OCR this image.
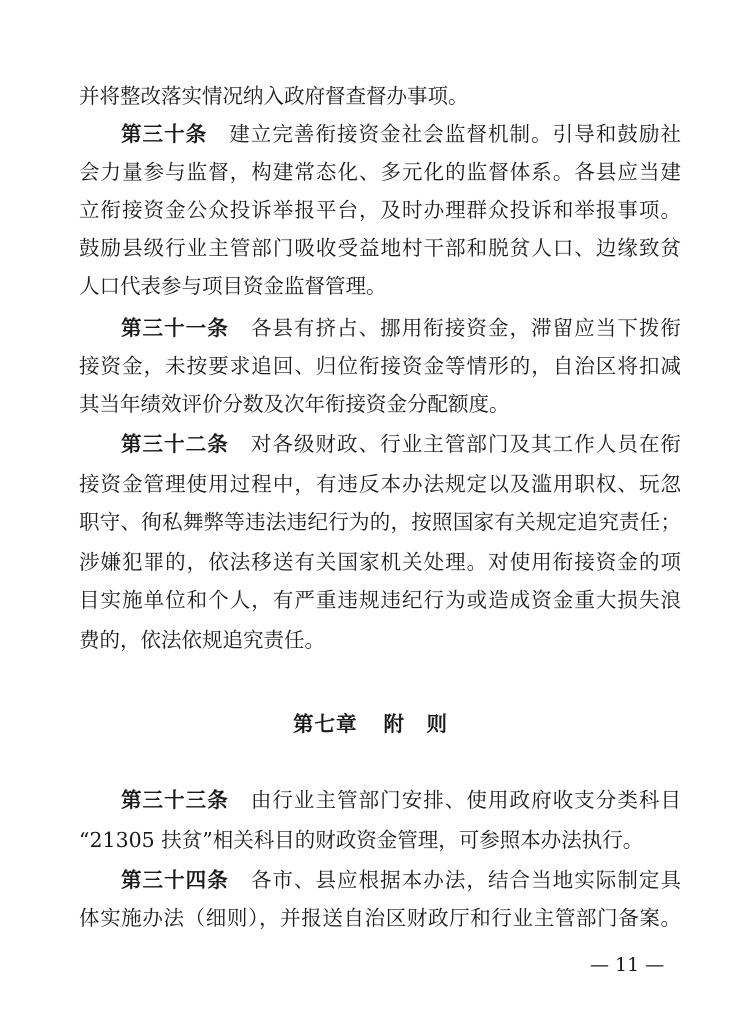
并将整改落实情况纳入政府督查督办事项。
第三十条 建立完善衔接资金社会监督机制。引导和鼓励社
会力量参与监督，构建常态化、多元化的监督体系。各县应当建
立衔接资金公众投诉举报平台，及时办理群众投诉和举报事项。
鼓励县级行业主管部门吸收受益地村干部和脱贫人口、边缘致贫
人口代表参与项目资金监督管理。
第三十一条 各县有挤占、挪用衔接资金，滞留应当下拨衔
接资金，未按要求追回、归位衔接资金等情形的，自治区将扣减
其当年绩效评价分数及次年衔接资金分配额度。
第三十二条 对各级财政、行业主管部门及其工作人员在衔
接资金管理使用过程中，有违反本办法规定以及滥用职权、玩忽
职守、徇私舞弊等违法违纪行为的，按照国家有关规定追究责任；
涉嫌犯罪的，依法移送有关国家机关处理。对使用衔接资金的项
目实施单位和个人，有严重违规违纪行为或造成资金重大损失浪
费的，依法依规追究责任。
第七章 附　则
第三十三条 由行业主管部门安排、使用政府收支分类科目
“21305 扶贫”相关科目的财政资金管理，可参照本办法执行。
第三十四条 各市、县应根据本办法，结合当地实际制定具
体实施办法（细则），并报送自治区财政厅和行业主管部门备案。
— 11 —
